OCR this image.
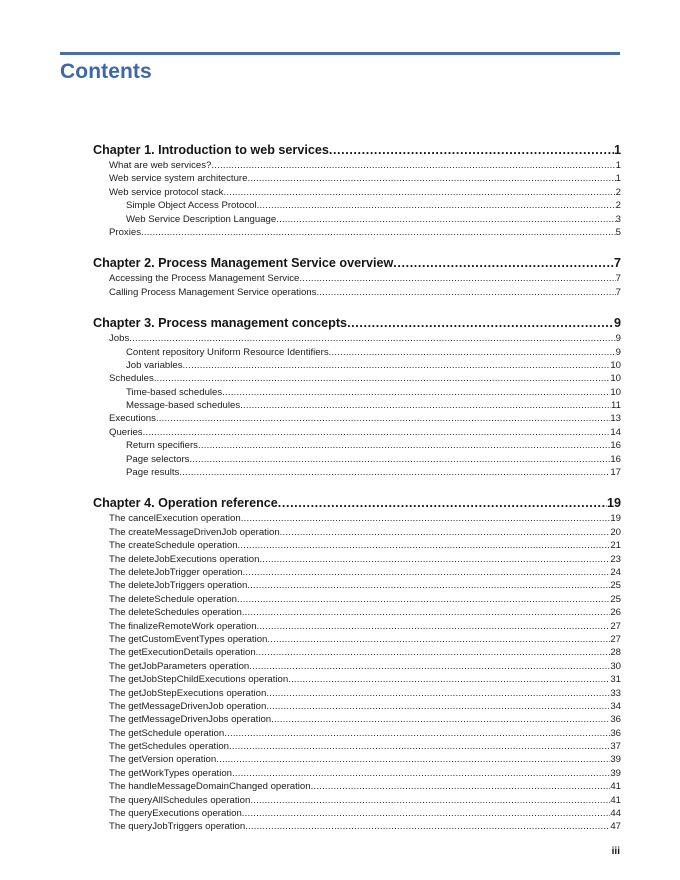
Contents
Chapter 1. Introduction to web services .....	1
What are web services? .....	1
Web service system architecture .....	1
Web service protocol stack .....	2
Simple Object Access Protocol .....	2
Web Service Description Language .....	3
Proxies .....	5
Chapter 2. Process Management Service overview .....	7
Accessing the Process Management Service .....	7
Calling Process Management Service operations .....	7
Chapter 3. Process management concepts .....	9
Jobs .....	9
Content repository Uniform Resource Identifiers .....	9
Job variables .....	10
Schedules .....	10
Time-based schedules .....	10
Message-based schedules .....	11
Executions .....	13
Queries .....	14
Return specifiers .....	16
Page selectors .....	16
Page results .....	17
Chapter 4. Operation reference .....	19
The cancelExecution operation .....	19
The createMessageDrivenJob operation .....	20
The createSchedule operation .....	21
The deleteJobExecutions operation .....	23
The deleteJobTrigger operation .....	24
The deleteJobTriggers operation .....	25
The deleteSchedule operation .....	25
The deleteSchedules operation .....	26
The finalizeRemoteWork operation .....	27
The getCustomEventTypes operation .....	27
The getExecutionDetails operation .....	28
The getJobParameters operation .....	30
The getJobStepChildExecutions operation .....	31
The getJobStepExecutions operation .....	33
The getMessageDrivenJob operation .....	34
The getMessageDrivenJobs operation .....	36
The getSchedule operation .....	36
The getSchedules operation .....	37
The getVersion operation .....	39
The getWorkTypes operation .....	39
The handleMessageDomainChanged operation .....	41
The queryAllSchedules operation .....	41
The queryExecutions operation .....	44
The queryJobTriggers operation .....	47
iii
